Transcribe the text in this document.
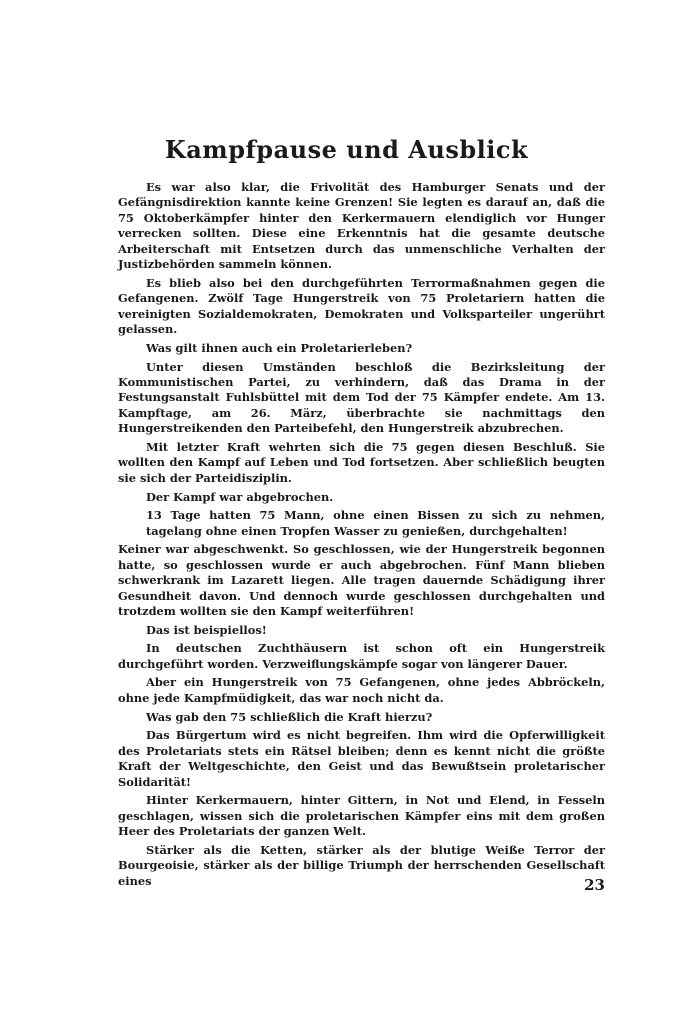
Kampfpause und Ausblick

Es war also klar, die Frivolität des Hamburger Senats und der Gefängnisdirektion kannte keine Grenzen! Sie legten es darauf an, daß die 75 Oktoberkämpfer hinter den Kerkermauern elendiglich vor Hunger verrecken sollten. Diese eine Erkenntnis hat die gesamte deutsche Arbeiterschaft mit Entsetzen durch das unmenschliche Verhalten der Justizbehörden sammeln können.

Es blieb also bei den durchgeführten Terrormaßnahmen gegen die Gefangenen. Zwölf Tage Hungerstreik von 75 Proletariern hatten die vereinigten Sozialdemokraten, Demokraten und Volksparteiler ungerührt gelassen.

Was gilt ihnen auch ein Proletarierleben?

Unter diesen Umständen beschloß die Bezirksleitung der Kommunistischen Partei, zu verhindern, daß das Drama in der Festungsanstalt Fuhlsbüttel mit dem Tod der 75 Kämpfer endete. Am 13. Kampftage, am 26. März, überbrachte sie nachmittags den Hungerstreikenden den Parteibefehl, den Hungerstreik abzubrechen.

Mit letzter Kraft wehrten sich die 75 gegen diesen Beschluß. Sie wollten den Kampf auf Leben und Tod fortsetzen. Aber schließlich beugten sie sich der Parteidisziplin.

Der Kampf war abgebrochen.

13 Tage hatten 75 Mann, ohne einen Bissen zu sich zu nehmen, tagelang ohne einen Tropfen Wasser zu genießen, durchgehalten!

Keiner war abgeschwenkt. So geschlossen, wie der Hungerstreik begonnen hatte, so geschlossen wurde er auch abgebrochen. Fünf Mann blieben schwerkrank im Lazarett liegen. Alle tragen dauernde Schädigung ihrer Gesundheit davon. Und dennoch wurde geschlossen durchgehalten und trotzdem wollten sie den Kampf weiterführen!

Das ist beispiellos!

In deutschen Zuchthäusern ist schon oft ein Hungerstreik durchgeführt worden. Verzweiflungskämpfe sogar von längerer Dauer.

Aber ein Hungerstreik von 75 Gefangenen, ohne jedes Abbröckeln, ohne jede Kampfmüdigkeit, das war noch nicht da.

Was gab den 75 schließlich die Kraft hierzu?

Das Bürgertum wird es nicht begreifen. Ihm wird die Opferwilligkeit des Proletariats stets ein Rätsel bleiben; denn es kennt nicht die größte Kraft der Weltgeschichte, den Geist und das Bewußtsein proletarischer Solidarität!

Hinter Kerkermauern, hinter Gittern, in Not und Elend, in Fesseln geschlagen, wissen sich die proletarischen Kämpfer eins mit dem großen Heer des Proletariats der ganzen Welt.

Stärker als die Ketten, stärker als der blutige Weiße Terror der Bourgeoisie, stärker als der billige Triumph der herrschenden Gesellschaft eines	23
